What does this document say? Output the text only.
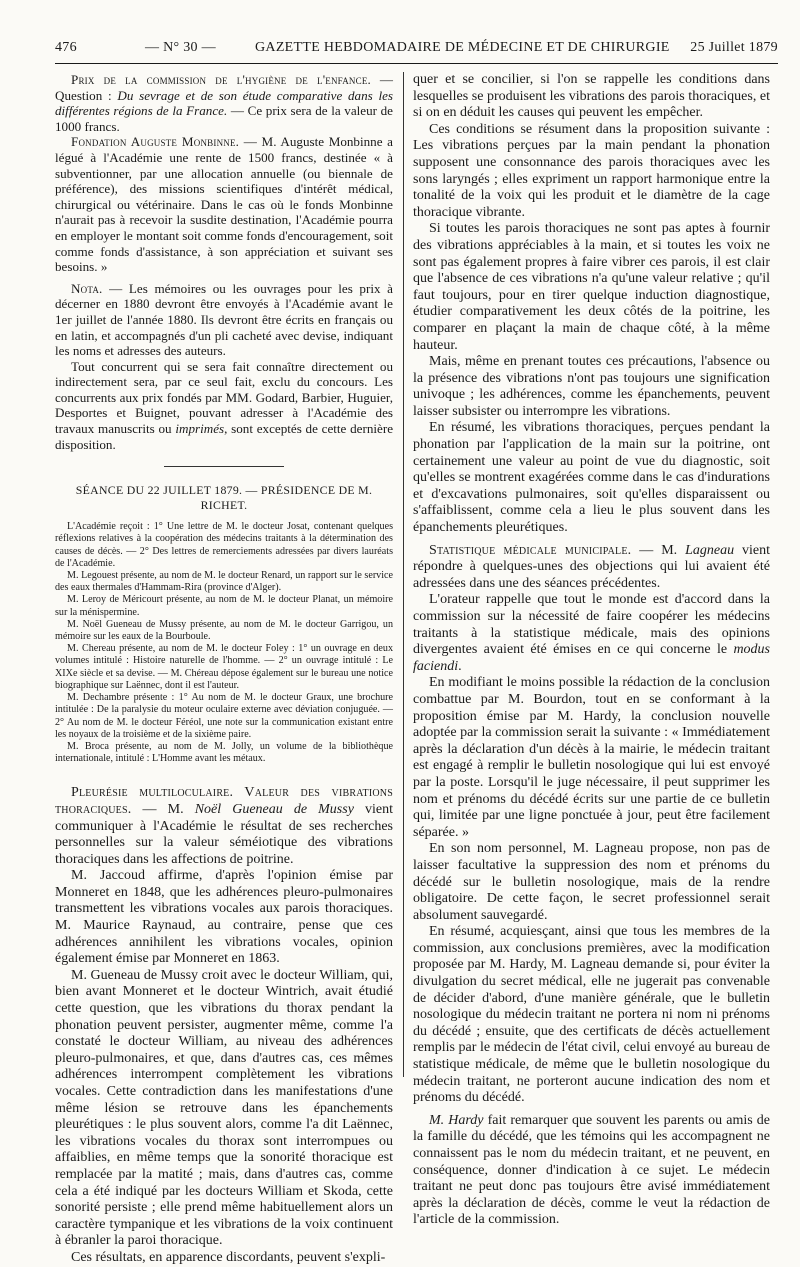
476	— N° 30 —	GAZETTE HEBDOMADAIRE DE MÉDECINE ET DE CHIRURGIE 25 Juillet 1879

Prix de la commission de l'hygiène de l'enfance. — Question : Du sevrage et de son étude comparative dans les différentes régions de la France. — Ce prix sera de la valeur de 1000 francs.

Fondation Auguste Monbinne. — M. Auguste Monbinne a légué à l'Académie une rente de 1500 francs, destinée « à subventionner, par une allocation annuelle (ou biennale de préférence), des missions scientifiques d'intérêt médical, chirurgical ou vétérinaire. Dans le cas où le fonds Monbinne n'aurait pas à recevoir la susdite destination, l'Académie pourra en employer le montant soit comme fonds d'encouragement, soit comme fonds d'assistance, à son appréciation et suivant ses besoins. »

Nota. — Les mémoires ou les ouvrages pour les prix à décerner en 1880 devront être envoyés à l'Académie avant le 1er juillet de l'année 1880. Ils devront être écrits en français ou en latin, et accompagnés d'un pli cacheté avec devise, indiquant les noms et adresses des auteurs.

Tout concurrent qui se sera fait connaître directement ou indirectement sera, par ce seul fait, exclu du concours. Les concurrents aux prix fondés par MM. Godard, Barbier, Huguier, Desportes et Buignet, pouvant adresser à l'Académie des travaux manuscrits ou imprimés, sont exceptés de cette dernière disposition.

SÉANCE DU 22 JUILLET 1879. — PRÉSIDENCE DE M. RICHET.

L'Académie reçoit : 1° Une lettre de M. le docteur Josat, contenant quelques réflexions relatives à la coopération des médecins traitants à la détermination des causes de décès. — 2° Des lettres de remerciements adressées par divers lauréats de l'Académie.

M. Legouest présente, au nom de M. le docteur Renard, un rapport sur le service des eaux thermales d'Hammam-Rira (province d'Alger).

M. Leroy de Méricourt présente, au nom de M. le docteur Planat, un mémoire sur la ménispermine.

M. Noël Gueneau de Mussy présente, au nom de M. le docteur Garrigou, un mémoire sur les eaux de la Bourboule.

M. Chereau présente, au nom de M. le docteur Foley : 1° un ouvrage en deux volumes intitulé : Histoire naturelle de l'homme. — 2° un ouvrage intitulé : Le XIXe siècle et sa devise. — M. Chéreau dépose également sur le bureau une notice biographique sur Laënnec, dont il est l'auteur.

M. Dechambre présente : 1° Au nom de M. le docteur Graux, une brochure intitulée : De la paralysie du moteur oculaire externe avec déviation conjuguée. — 2° Au nom de M. le docteur Féréol, une note sur la communication existant entre les noyaux de la troisième et de la sixième paire.

M. Broca présente, au nom de M. Jolly, un volume de la bibliothèque internationale, intitulé : L'Homme avant les métaux.

Pleurésie multiloculaire. Valeur des vibrations thoraciques. — M. Noël Gueneau de Mussy vient communiquer à l'Académie le résultat de ses recherches personnelles sur la valeur séméiotique des vibrations thoraciques dans les affections de poitrine.

M. Jaccoud affirme, d'après l'opinion émise par Monneret en 1848, que les adhérences pleuro-pulmonaires transmettent les vibrations vocales aux parois thoraciques. M. Maurice Raynaud, au contraire, pense que ces adhérences annihilent les vibrations vocales, opinion également émise par Monneret en 1863.

M. Gueneau de Mussy croit avec le docteur William, qui, bien avant Monneret et le docteur Wintrich, avait étudié cette question, que les vibrations du thorax pendant la phonation peuvent persister, augmenter même, comme l'a constaté le docteur William, au niveau des adhérences pleuro-pulmonaires, et que, dans d'autres cas, ces mêmes adhérences interrompent complètement les vibrations vocales. Cette contradiction dans les manifestations d'une même lésion se retrouve dans les épanchements pleurétiques : le plus souvent alors, comme l'a dit Laënnec, les vibrations vocales du thorax sont interrompues ou affaiblies, en même temps que la sonorité thoracique est remplacée par la matité ; mais, dans d'autres cas, comme cela a été indiqué par les docteurs William et Skoda, cette sonorité persiste ; elle prend même habituellement alors un caractère tympanique et les vibrations de la voix continuent à ébranler la paroi thoracique.

Ces résultats, en apparence discordants, peuvent s'expli-

quer et se concilier, si l'on se rappelle les conditions dans lesquelles se produisent les vibrations des parois thoraciques, et si on en déduit les causes qui peuvent les empêcher.

Ces conditions se résument dans la proposition suivante : Les vibrations perçues par la main pendant la phonation supposent une consonnance des parois thoraciques avec les sons laryngés ; elles expriment un rapport harmonique entre la tonalité de la voix qui les produit et le diamètre de la cage thoracique vibrante.

Si toutes les parois thoraciques ne sont pas aptes à fournir des vibrations appréciables à la main, et si toutes les voix ne sont pas également propres à faire vibrer ces parois, il est clair que l'absence de ces vibrations n'a qu'une valeur relative ; qu'il faut toujours, pour en tirer quelque induction diagnostique, étudier comparativement les deux côtés de la poitrine, les comparer en plaçant la main de chaque côté, à la même hauteur.

Mais, même en prenant toutes ces précautions, l'absence ou la présence des vibrations n'ont pas toujours une signification univoque ; les adhérences, comme les épanchements, peuvent laisser subsister ou interrompre les vibrations.

En résumé, les vibrations thoraciques, perçues pendant la phonation par l'application de la main sur la poitrine, ont certainement une valeur au point de vue du diagnostic, soit qu'elles se montrent exagérées comme dans le cas d'indurations et d'excavations pulmonaires, soit qu'elles disparaissent ou s'affaiblissent, comme cela a lieu le plus souvent dans les épanchements pleurétiques.

Statistique médicale municipale. — M. Lagneau vient répondre à quelques-unes des objections qui lui avaient été adressées dans une des séances précédentes.

L'orateur rappelle que tout le monde est d'accord dans la commission sur la nécessité de faire coopérer les médecins traitants à la statistique médicale, mais des opinions divergentes avaient été émises en ce qui concerne le modus faciendi.

En modifiant le moins possible la rédaction de la conclusion combattue par M. Bourdon, tout en se conformant à la proposition émise par M. Hardy, la conclusion nouvelle adoptée par la commission serait la suivante : « Immédiatement après la déclaration d'un décès à la mairie, le médecin traitant est engagé à remplir le bulletin nosologique qui lui est envoyé par la poste. Lorsqu'il le juge nécessaire, il peut supprimer les nom et prénoms du décédé écrits sur une partie de ce bulletin qui, limitée par une ligne ponctuée à jour, peut être facilement séparée. »

En son nom personnel, M. Lagneau propose, non pas de laisser facultative la suppression des nom et prénoms du décédé sur le bulletin nosologique, mais de la rendre obligatoire. De cette façon, le secret professionnel serait absolument sauvegardé.

En résumé, acquiesçant, ainsi que tous les membres de la commission, aux conclusions premières, avec la modification proposée par M. Hardy, M. Lagneau demande si, pour éviter la divulgation du secret médical, elle ne jugerait pas convenable de décider d'abord, d'une manière générale, que le bulletin nosologique du médecin traitant ne portera ni nom ni prénoms du décédé ; ensuite, que des certificats de décès actuellement remplis par le médecin de l'état civil, celui envoyé au bureau de statistique médicale, de même que le bulletin nosologique du médecin traitant, ne porteront aucune indication des nom et prénoms du décédé.

M. Hardy fait remarquer que souvent les parents ou amis de la famille du décédé, que les témoins qui les accompagnent ne connaissent pas le nom du médecin traitant, et ne peuvent, en conséquence, donner d'indication à ce sujet. Le médecin traitant ne peut donc pas toujours être avisé immédiatement après la déclaration de décès, comme le veut la rédaction de l'article de la commission.
